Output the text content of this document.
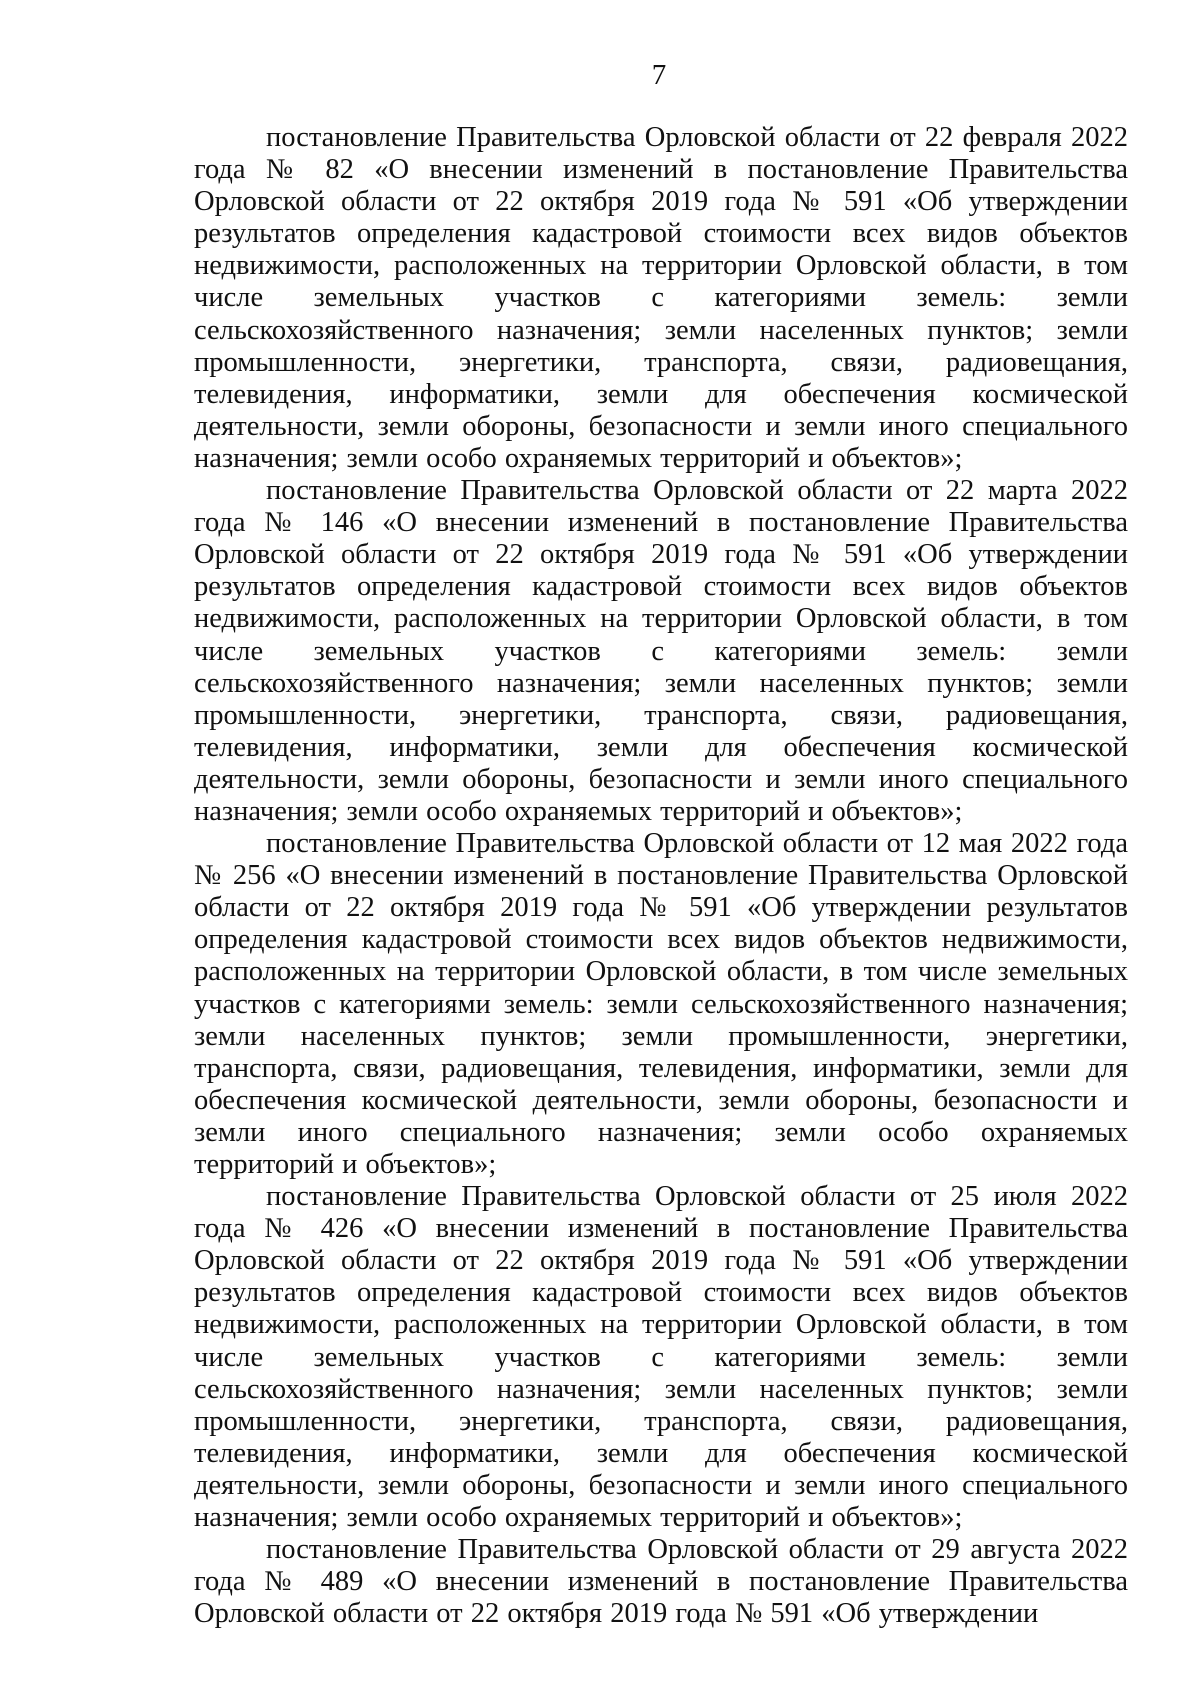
7

постановление Правительства Орловской области от 22 февраля 2022 года № 82 «О внесении изменений в постановление Правительства Орловской области от 22 октября 2019 года № 591 «Об утверждении результатов определения кадастровой стоимости всех видов объектов недвижимости, расположенных на территории Орловской области, в том числе земельных участков с категориями земель: земли сельскохозяйственного назначения; земли населенных пунктов; земли промышленности, энергетики, транспорта, связи, радиовещания, телевидения, информатики, земли для обеспечения космической деятельности, земли обороны, безопасности и земли иного специального назначения; земли особо охраняемых территорий и объектов»;

постановление Правительства Орловской области от 22 марта 2022 года № 146 «О внесении изменений в постановление Правительства Орловской области от 22 октября 2019 года № 591 «Об утверждении результатов определения кадастровой стоимости всех видов объектов недвижимости, расположенных на территории Орловской области, в том числе земельных участков с категориями земель: земли сельскохозяйственного назначения; земли населенных пунктов; земли промышленности, энергетики, транспорта, связи, радиовещания, телевидения, информатики, земли для обеспечения космической деятельности, земли обороны, безопасности и земли иного специального назначения; земли особо охраняемых территорий и объектов»;

постановление Правительства Орловской области от 12 мая 2022 года № 256 «О внесении изменений в постановление Правительства Орловской области от 22 октября 2019 года № 591 «Об утверждении результатов определения кадастровой стоимости всех видов объектов недвижимости, расположенных на территории Орловской области, в том числе земельных участков с категориями земель: земли сельскохозяйственного назначения; земли населенных пунктов; земли промышленности, энергетики, транспорта, связи, радиовещания, телевидения, информатики, земли для обеспечения космической деятельности, земли обороны, безопасности и земли иного специального назначения; земли особо охраняемых территорий и объектов»;

постановление Правительства Орловской области от 25 июля 2022 года № 426 «О внесении изменений в постановление Правительства Орловской области от 22 октября 2019 года № 591 «Об утверждении результатов определения кадастровой стоимости всех видов объектов недвижимости, расположенных на территории Орловской области, в том числе земельных участков с категориями земель: земли сельскохозяйственного назначения; земли населенных пунктов; земли промышленности, энергетики, транспорта, связи, радиовещания, телевидения, информатики, земли для обеспечения космической деятельности, земли обороны, безопасности и земли иного специального назначения; земли особо охраняемых территорий и объектов»;

постановление Правительства Орловской области от 29 августа 2022 года № 489 «О внесении изменений в постановление Правительства Орловской области от 22 октября 2019 года № 591 «Об утверждении
